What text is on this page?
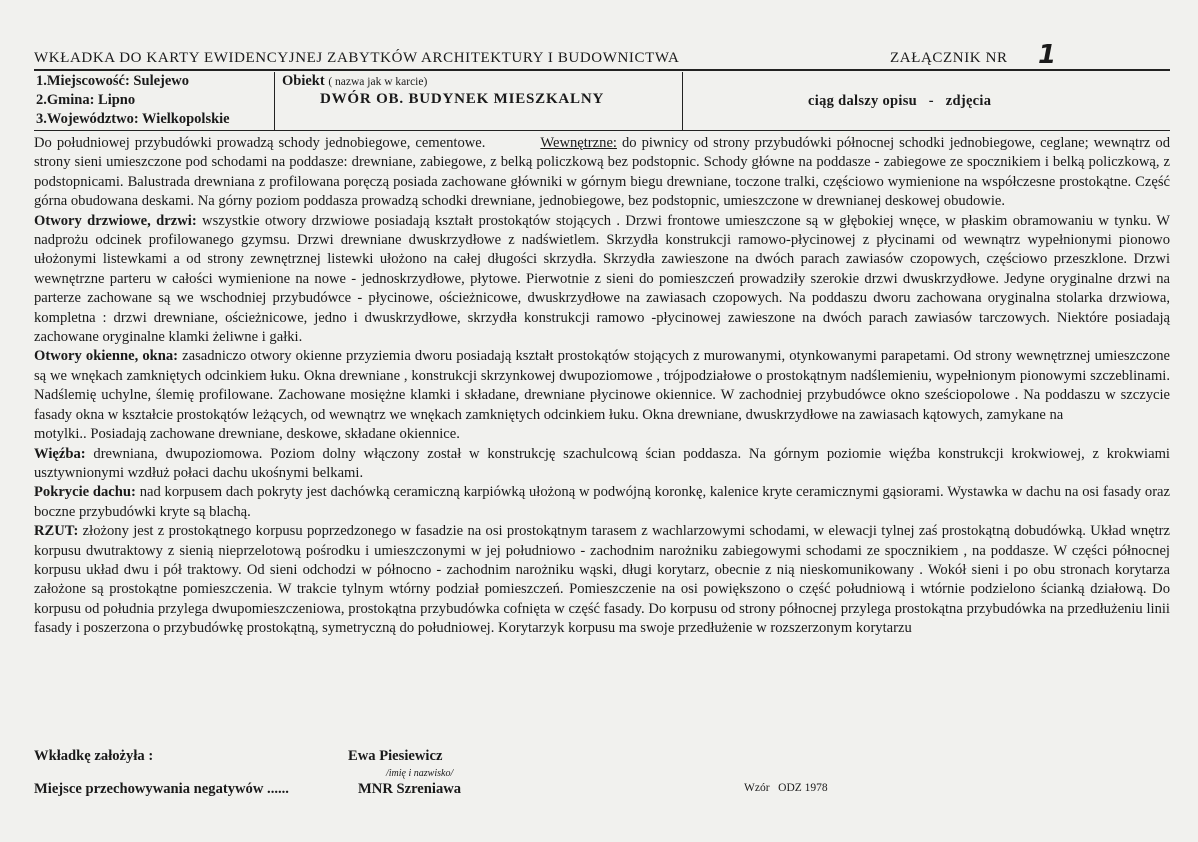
WKŁADKA DO KARTY EWIDENCYJNEJ ZABYTKÓW ARCHITEKTURY I BUDOWNICTWA	ZAŁĄCZNIK NR 1
1.Miejscowość: Sulejewo
2.Gmina: Lipno
3.Województwo: Wielkopolskie
Obiekt ( nazwa jak w karcie)
DWÓR OB. BUDYNEK MIESZKALNY	ciąg dalszy opisu   -   zdjęcia

Do południowej przybudówki prowadzą schody jednobiegowe, cementowe.	Wewnętrzne: do piwnicy od strony przybudówki północnej schodki jednobiegowe, ceglane; wewnątrz od strony sieni umieszczone pod schodami na poddasze: drewniane, zabiegowe, z belką policzkową bez podstopnic. Schody główne na poddasze - zabiegowe ze spocznikiem i belką policzkową, z podstopnicami. Balustrada drewniana z profilowana poręczą posiada zachowane główniki w górnym biegu drewniane, toczone tralki, częściowo wymienione na współczesne prostokątne. Część górna obudowana deskami. Na górny poziom poddasza prowadzą schodki drewniane, jednobiegowe, bez podstopnic, umieszczone w drewnianej deskowej obudowie.

Otwory drzwiowe, drzwi: wszystkie otwory drzwiowe posiadają kształt prostokątów stojących . Drzwi frontowe umieszczone są w głębokiej wnęce, w płaskim obramowaniu w tynku. W nadprożu odcinek profilowanego gzymsu. Drzwi drewniane dwuskrzydłowe z nadświetlem. Skrzydła konstrukcji ramowo-płycinowej z płycinami od wewnątrz wypełnionymi pionowo ułożonymi listewkami a od strony zewnętrznej listewki ułożono na całej długości skrzydła. Skrzydła zawieszone na dwóch parach zawiasów czopowych, częściowo przeszklone. Drzwi wewnętrzne parteru w całości wymienione na nowe - jednoskrzydłowe, płytowe. Pierwotnie z sieni do pomieszczeń prowadziły szerokie drzwi dwuskrzydłowe. Jedyne oryginalne drzwi na parterze zachowane są we wschodniej przybudówce - płycinowe, ościeżnicowe, dwuskrzydłowe na zawiasach czopowych. Na poddaszu dworu zachowana oryginalna stolarka drzwiowa, kompletna : drzwi drewniane, ościeżnicowe, jedno i dwuskrzydłowe, skrzydła konstrukcji ramowo -płycinowej zawieszone na dwóch parach zawiasów tarczowych. Niektóre posiadają zachowane oryginalne klamki żeliwne i gałki.

Otwory okienne, okna: zasadniczo otwory okienne przyziemia dworu posiadają kształt prostokątów stojących z murowanymi, otynkowanymi parapetami. Od strony wewnętrznej umieszczone są we wnękach zamkniętych odcinkiem łuku. Okna drewniane , konstrukcji skrzynkowej dwupoziomowe , trójpodziałowe o prostokątnym nadślemieniu, wypełnionym pionowymi szczeblinami. Nadślemię uchylne, ślemię profilowane. Zachowane mosiężne klamki i składane, drewniane płycinowe okiennice. W zachodniej przybudówce okno sześciopolowe . Na poddaszu w szczycie fasady okna w kształcie prostokątów leżących, od wewnątrz we wnękach zamkniętych odcinkiem łuku. Okna drewniane, dwuskrzydłowe na zawiasach kątowych, zamykane na

motylki.. Posiadają zachowane drewniane, deskowe, składane okiennice.

Więźba: drewniana, dwupoziomowa. Poziom dolny włączony został w konstrukcję szachulcową ścian poddasza. Na górnym poziomie więźba konstrukcji krokwiowej, z krokwiami usztywnionymi wzdłuż połaci dachu ukośnymi belkami.

Pokrycie dachu: nad korpusem dach pokryty jest dachówką ceramiczną karpiówką ułożoną w podwójną koronkę, kalenice kryte ceramicznymi gąsiorami. Wystawka w dachu na osi fasady oraz boczne przybudówki kryte są blachą.

RZUT: złożony jest z prostokątnego korpusu poprzedzonego w fasadzie na osi prostokątnym tarasem z wachlarzowymi schodami, w elewacji tylnej zaś prostokątną dobudówką. Układ wnętrz korpusu dwutraktowy z sienią nieprzelotową pośrodku i umieszczonymi w jej południowo - zachodnim narożniku zabiegowymi schodami ze spocznikiem , na poddasze. W części północnej korpusu układ dwu i pół traktowy. Od sieni odchodzi w północno - zachodnim narożniku wąski, długi korytarz, obecnie z nią nieskomunikowany . Wokół sieni i po obu stronach korytarza założone są prostokątne pomieszczenia. W trakcie tylnym wtórny podział pomieszczeń. Pomieszczenie na osi powiększono o część południową i wtórnie podzielono ścianką działową. Do korpusu od południa przylega dwupomieszczeniowa, prostokątna przybudówka cofnięta w część fasady. Do korpusu od strony północnej przylega prostokątna przybudówka na przedłużeniu linii fasady i poszerzona o przybudówkę prostokątną, symetryczną do południowej. Korytarzyk korpusu ma swoje przedłużenie w rozszerzonym korytarzu

Wkładkę założyła :	Ewa Piesiewicz
/imię i nazwisko/
Miejsce przechowywania negatywów ......	MNR Szreniawa	Wzór   ODZ 1978
